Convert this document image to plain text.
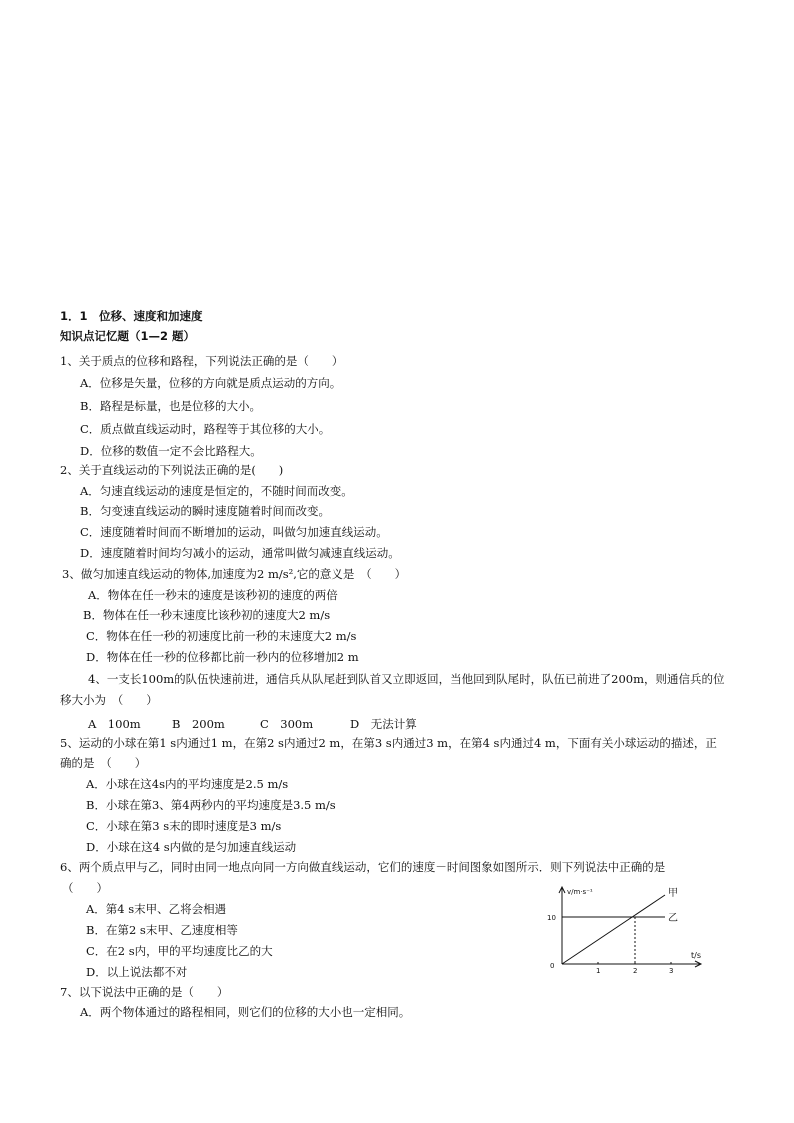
1．1　位移、速度和加速度
知识点记忆题（1—2 题）
1、关于质点的位移和路程，下列说法正确的是（　　）
A．位移是矢量，位移的方向就是质点运动的方向。
B．路程是标量，也是位移的大小。
C．质点做直线运动时，路程等于其位移的大小。
D．位移的数值一定不会比路程大。
2、关于直线运动的下列说法正确的是(　　)
A．匀速直线运动的速度是恒定的，不随时间而改变。
B．匀变速直线运动的瞬时速度随着时间而改变。
C．速度随着时间而不断增加的运动，叫做匀加速直线运动。
D．速度随着时间均匀减小的运动，通常叫做匀减速直线运动。
3、做匀加速直线运动的物体,加速度为2 m/s²,它的意义是　（　　）
A．物体在任一秒末的速度是该秒初的速度的两倍
B．物体在任一秒末速度比该秒初的速度大2 m/s
C．物体在任一秒的初速度比前一秒的末速度大2 m/s
D．物体在任一秒的位移都比前一秒内的位移增加2 m
4、一支长100m的队伍快速前进，通信兵从队尾赶到队首又立即返回，当他回到队尾时，队伍已前进了200m，则通信兵的位
移大小为　（　　）
A　100m	B　200m	C　300m	D　无法计算
5、运动的小球在第1 s内通过1 m，在第2 s内通过2 m，在第3 s内通过3 m，在第4 s内通过4 m，下面有关小球运动的描述，正
确的是　（　　）
A．小球在这4s内的平均速度是2.5 m/s
B．小球在第3、第4两秒内的平均速度是3.5 m/s
C．小球在第3 s末的即时速度是3 m/s
D．小球在这4 s内做的是匀加速直线运动
6、两个质点甲与乙，同时由同一地点向同一方向做直线运动，它们的速度－时间图象如图所示．则下列说法中正确的是
（　　）
A．第4 s末甲、乙将会相遇
B．在第2 s末甲、乙速度相等
C．在2 s内，甲的平均速度比乙的大
D．以上说法都不对
7、以下说法中正确的是（　　）
A．两个物体通过的路程相同，则它们的位移的大小也一定相同。
v/m·s⁻¹
t/s
10
0
1	2	3
甲
乙
